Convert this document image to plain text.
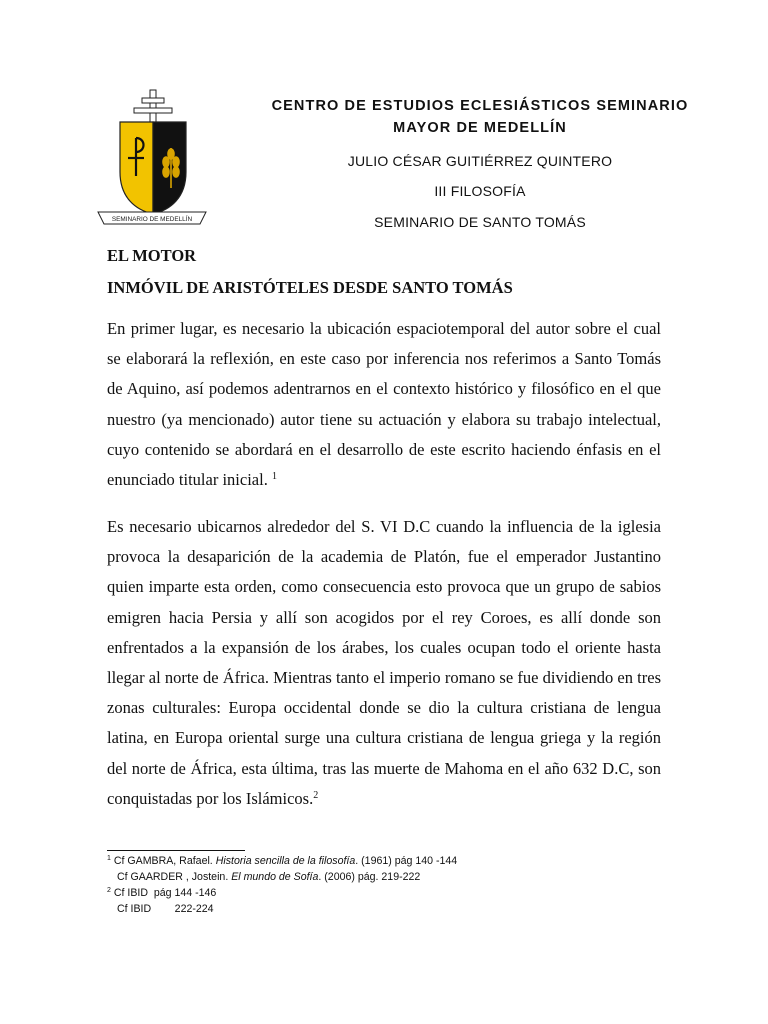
SEMINARIO DE MEDELLÍN
CENTRO DE ESTUDIOS ECLESIÁSTICOS SEMINARIO
MAYOR DE MEDELLÍN
JULIO CÉSAR GUITIÉRREZ QUINTERO
III FILOSOFÍA
SEMINARIO DE SANTO TOMÁS
EL MOTOR
INMÓVIL DE ARISTÓTELES DESDE SANTO TOMÁS

En primer lugar, es necesario la ubicación espaciotemporal del autor sobre el cual se elaborará la reflexión, en este caso por inferencia nos referimos a Santo Tomás de Aquino, así podemos adentrarnos en el contexto histórico y filosófico en el que nuestro (ya mencionado) autor tiene su actuación y elabora su trabajo intelectual, cuyo contenido se abordará en el desarrollo de este escrito haciendo énfasis en el enunciado titular inicial. $^1$

Es necesario ubicarnos alrededor del S. VI D.C cuando la influencia de la iglesia provoca la desaparición de la academia de Platón, fue el emperador Justantino quien imparte esta orden, como consecuencia esto provoca que un grupo de sabios emigren hacia Persia y allí son acogidos por el rey Coroes, es allí donde son enfrentados a la expansión de los árabes, los cuales ocupan todo el oriente hasta llegar al norte de África. Mientras tanto el imperio romano se fue dividiendo en tres zonas culturales: Europa occidental donde se dio la cultura cristiana de lengua latina, en Europa oriental surge una cultura cristiana de lengua griega y la región del norte de África, esta última, tras las muerte de Mahoma en el año 632 D.C, son conquistadas por los Islámicos.$^2$

$^1$ Cf GAMBRA, Rafael. Historia sencilla de la filosofía. (1961) pág 140 -144
Cf GAARDER , Jostein. El mundo de Sofía. (2006) pág. 219-222
$^2$ Cf IBID  pág 144 -146
Cf IBID        222-224
